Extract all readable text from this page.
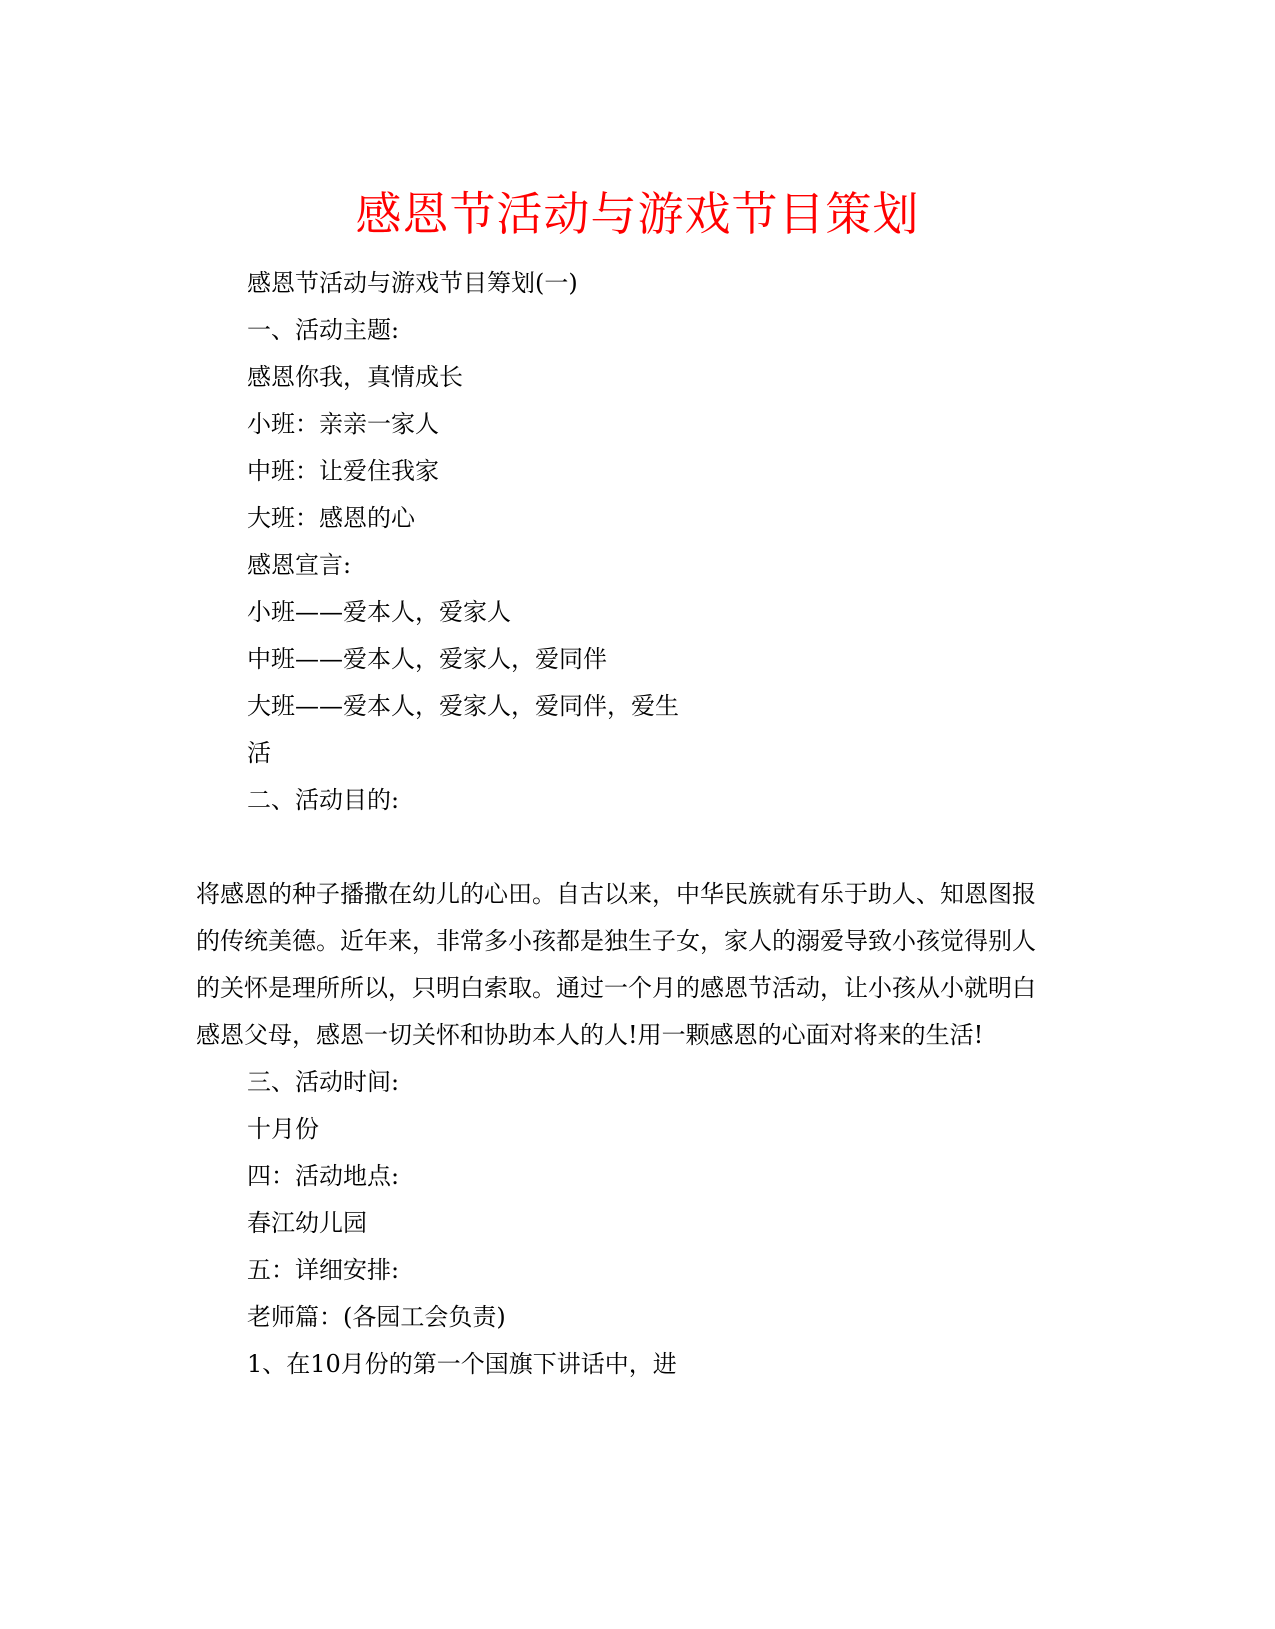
感恩节活动与游戏节目策划
感恩节活动与游戏节目筹划(一)
一、活动主题:
感恩你我，真情成长
小班：亲亲一家人
中班：让爱住我家
大班：感恩的心
感恩宣言:
小班——爱本人，爱家人
中班——爱本人，爱家人，爱同伴
大班——爱本人，爱家人，爱同伴，爱生
活
二、活动目的:
将感恩的种子播撒在幼儿的心田。自古以来，中华民族就有乐于助人、知恩图报
的传统美德。近年来，非常多小孩都是独生子女，家人的溺爱导致小孩觉得别人
的关怀是理所所以，只明白索取。通过一个月的感恩节活动，让小孩从小就明白
感恩父母，感恩一切关怀和协助本人的人!用一颗感恩的心面对将来的生活!
三、活动时间:
十月份
四：活动地点:
春江幼儿园
五：详细安排:
老师篇：(各园工会负责)
1、在10月份的第一个国旗下讲话中，进
